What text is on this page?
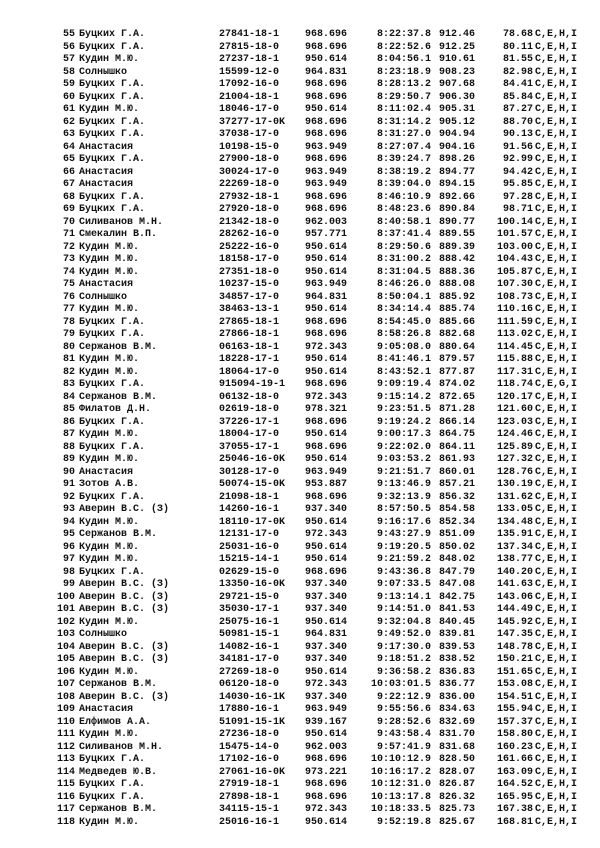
55 Буцких Г.А.	27841-18-1	968.696	8:22:37.8 912.46	78.68 C,E,H,I
56 Буцких Г.А.	27815-18-0	968.696	8:22:52.6 912.25	80.11 C,E,H,I
57 Кудин М.Ю.	27237-18-1	950.614	8:04:56.1 910.61	81.55 C,E,H,I
58 Солнышко	15599-12-0	964.831	8:23:18.9 908.23	82.98 C,E,H,I
59 Буцких Г.А.	17092-16-0	968.696	8:28:13.2 907.68	84.41 C,E,H,I
60 Буцких Г.А.	21004-18-1	968.696	8:29:50.7 906.30	85.84 C,E,H,I
61 Кудин М.Ю.	18046-17-0	950.614	8:11:02.4 905.31	87.27 C,E,H,I
62 Буцких Г.А.	37277-17-0K 968.696	8:31:14.2 905.12	88.70 C,E,H,I
63 Буцких Г.А.	37038-17-0	968.696	8:31:27.0 904.94	90.13 C,E,H,I
64 Анастасия	10198-15-0	963.949	8:27:07.4 904.16	91.56 C,E,H,I
65 Буцких Г.А.	27900-18-0	968.696	8:39:24.7 898.26	92.99 C,E,H,I
66 Анастасия	30024-17-0	963.949	8:38:19.2 894.77	94.42 C,E,H,I
67 Анастасия	22269-18-0	963.949	8:39:04.0 894.15	95.85 C,E,H,I
68 Буцких Г.А.	27932-18-1	968.696	8:46:10.9 892.66	97.28 C,E,H,I
69 Буцких Г.А.	27920-18-0	968.696	8:48:23.6 890.84	98.71 C,E,H,I
70 Силиванов М.Н.	21342-18-0	962.003	8:40:58.1 890.77	100.14 C,E,H,I
71 Смекалин В.П.	28262-16-0	957.771	8:37:41.4 889.55	101.57 C,E,H,I
72 Кудин М.Ю.	25222-16-0	950.614	8:29:50.6 889.39	103.00 C,E,H,I
73 Кудин М.Ю.	18158-17-0	950.614	8:31:00.2 888.42	104.43 C,E,H,I
74 Кудин М.Ю.	27351-18-0	950.614	8:31:04.5 888.36	105.87 C,E,H,I
75 Анастасия	10237-15-0	963.949	8:46:26.0 888.08	107.30 C,E,H,I
76 Солнышко	34857-17-0	964.831	8:50:04.1 885.92	108.73 C,E,H,I
77 Кудин М.Ю.	38463-13-1	950.614	8:34:14.4 885.74	110.16 C,E,H,I
78 Буцких Г.А.	27865-18-1	968.696	8:54:45.0 885.66	111.59 C,E,H,I
79 Буцких Г.А.	27866-18-1	968.696	8:58:26.8 882.68	113.02 C,E,H,I
80 Сержанов В.М.	06163-18-1	972.343	9:05:08.0 880.64	114.45 C,E,H,I
81 Кудин М.Ю.	18228-17-1	950.614	8:41:46.1 879.57	115.88 C,E,H,I
82 Кудин М.Ю.	18064-17-0	950.614	8:43:52.1 877.87	117.31 C,E,H,I
83 Буцких Г.А.	915094-19-1 968.696	9:09:19.4 874.02	118.74 C,E,G,I
84 Сержанов В.М.	06132-18-0	972.343	9:15:14.2 872.65	120.17 C,E,H,I
85 Филатов Д.Н.	02619-18-0	978.321	9:23:51.5 871.28	121.60 C,E,H,I
86 Буцких Г.А.	37226-17-1	968.696	9:19:24.2 866.14	123.03 C,E,H,I
87 Кудин М.Ю.	18004-17-0	950.614	9:00:17.3 864.75	124.46 C,E,H,I
88 Буцких Г.А.	37055-17-1	968.696	9:22:02.0 864.11	125.89 C,E,H,I
89 Кудин М.Ю.	25046-16-0K 950.614	9:03:53.2 861.93	127.32 C,E,H,I
90 Анастасия	30128-17-0	963.949	9:21:51.7 860.01	128.76 C,E,H,I
91 Зотов А.В.	50074-15-0K 953.887	9:13:46.9 857.21	130.19 C,E,H,I
92 Буцких Г.А.	21098-18-1	968.696	9:32:13.9 856.32	131.62 C,E,H,I
93 Аверин В.С. (З)	14260-16-1	937.340	8:57:50.5 854.58	133.05 C,E,H,I
94 Кудин М.Ю.	18110-17-0K 950.614	9:16:17.6 852.34	134.48 C,E,H,I
95 Сержанов В.М.	12131-17-0	972.343	9:43:27.9 851.09	135.91 C,E,H,I
96 Кудин М.Ю.	25031-16-0	950.614	9:19:20.5 850.02	137.34 C,E,H,I
97 Кудин М.Ю.	15215-14-1	950.614	9:21:59.2 848.02	138.77 C,E,H,I
98 Буцких Г.А.	02629-15-0	968.696	9:43:36.8 847.79	140.20 C,E,H,I
99 Аверин В.С. (З)	13350-16-0K 937.340	9:07:33.5 847.08	141.63 C,E,H,I
100 Аверин В.С. (З)	29721-15-0	937.340	9:13:14.1 842.75	143.06 C,E,H,I
101 Аверин В.С. (З)	35030-17-1	937.340	9:14:51.0 841.53	144.49 C,E,H,I
102 Кудин М.Ю.	25075-16-1	950.614	9:32:04.8 840.45	145.92 C,E,H,I
103 Солнышко	50981-15-1	964.831	9:49:52.0 839.81	147.35 C,E,H,I
104 Аверин В.С. (З)	14082-16-1	937.340	9:17:30.0 839.53	148.78 C,E,H,I
105 Аверин В.С. (З)	34181-17-0	937.340	9:18:51.2 838.52	150.21 C,E,H,I
106 Кудин М.Ю.	27269-18-0	950.614	9:36:58.2 836.83	151.65 C,E,H,I
107 Сержанов В.М.	06120-18-0	972.343 10:03:01.5 836.77	153.08 C,E,H,I
108 Аверин В.С. (З)	14030-16-1K 937.340	9:22:12.9 836.00	154.51 C,E,H,I
109 Анастасия	17880-16-1	963.949	9:55:56.6 834.63	155.94 C,E,H,I
110 Елфимов А.А.	51091-15-1K 939.167	9:28:52.6 832.69	157.37 C,E,H,I
111 Кудин М.Ю.	27236-18-0	950.614	9:43:58.4 831.70	158.80 C,E,H,I
112 Силиванов М.Н.	15475-14-0	962.003	9:57:41.9 831.68	160.23 C,E,H,I
113 Буцких Г.А.	17102-16-0	968.696 10:10:12.9 828.50	161.66 C,E,H,I
114 Медведев Ю.В.	27061-16-0K 973.221 10:16:17.2 828.07	163.09 C,E,H,I
115 Буцких Г.А.	27919-18-1	968.696 10:12:31.0 826.87	164.52 C,E,H,I
116 Буцких Г.А.	27898-18-1	968.696 10:13:17.8 826.32	165.95 C,E,H,I
117 Сержанов В.М.	34115-15-1	972.343 10:18:33.5 825.73	167.38 C,E,H,I
118 Кудин М.Ю.	25016-16-1	950.614	9:52:19.8 825.67	168.81 C,E,H,I
